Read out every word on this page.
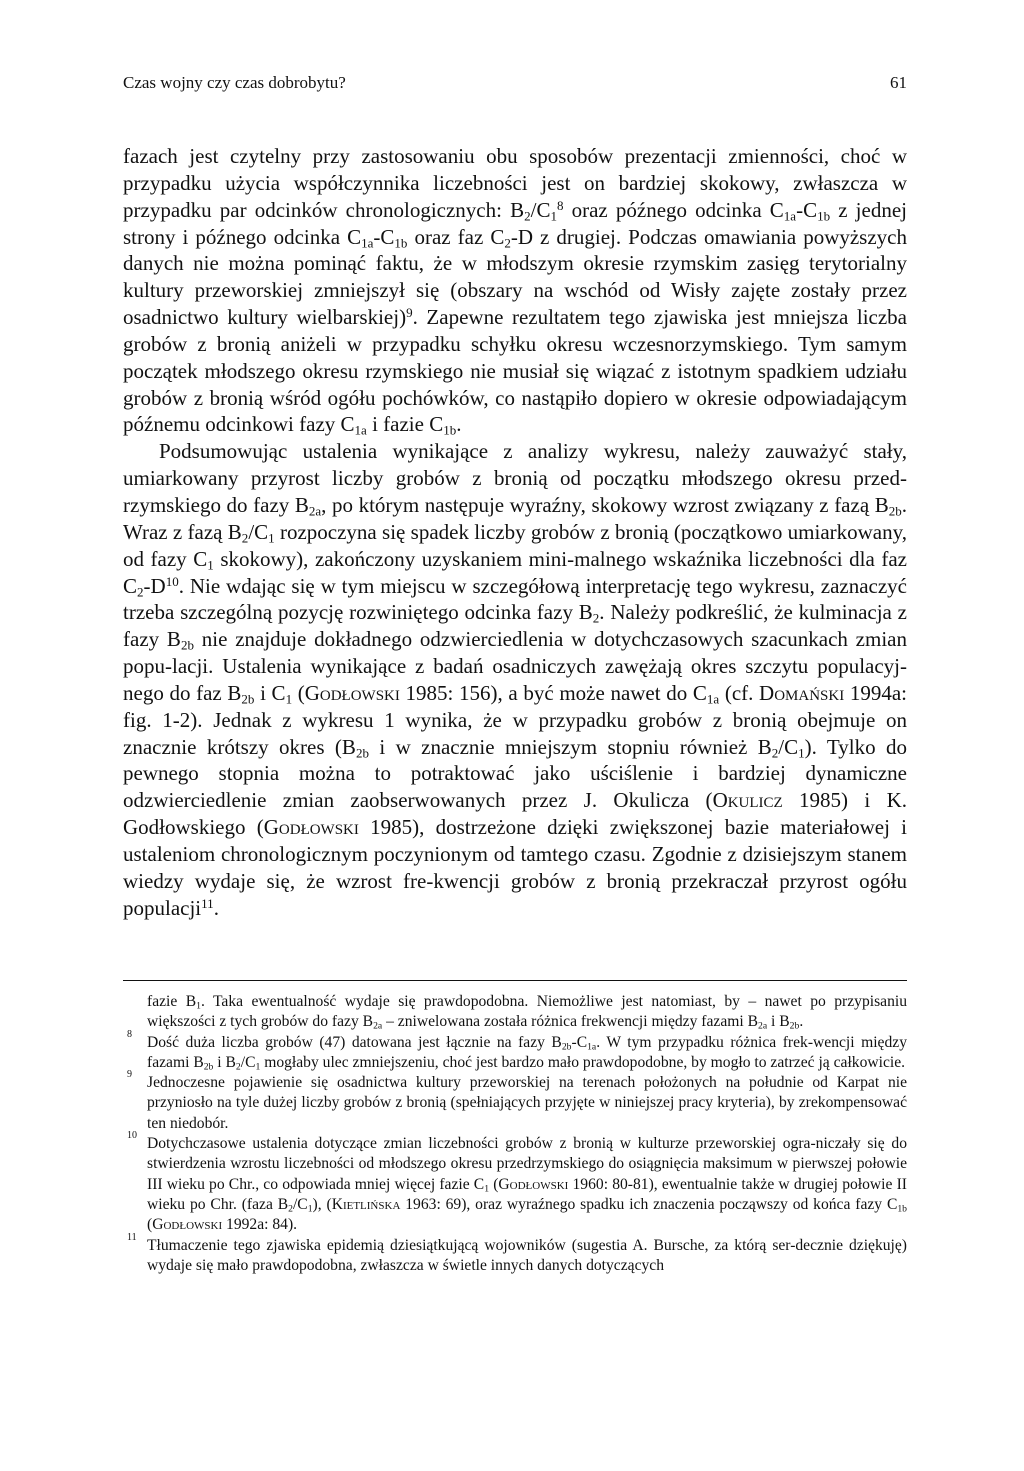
Czas wojny czy czas dobrobytu?	61

fazach jest czytelny przy zastosowaniu obu sposobów prezentacji zmienności, choć w przypadku użycia współczynnika liczebności jest on bardziej skokowy, zwłaszcza w przypadku par odcinków chronologicznych: $B_2/C_1^8$ oraz późnego odcinka $C_{1a}-C_{1b}$ z jednej strony i późnego odcinka $C_{1a}-C_{1b}$ oraz faz $C_2-D$ z drugiej. Podczas omawiania powyższych danych nie można pominąć faktu, że w młodszym okresie rzymskim zasięg terytorialny kultury przeworskiej zmniejszył się (obszary na wschód od Wisły zajęte zostały przez osadnictwo kultury wielbarskiej)$^9$. Zapewne rezultatem tego zjawiska jest mniejsza liczba grobów z bronią aniżeli w przypadku schyłku okresu wczesnorzymskiego. Tym samym początek młodszego okresu rzymskiego nie musiał się wiązać z istotnym spadkiem udziału grobów z bronią wśród ogółu pochówków, co nastąpiło dopiero w okresie odpowiadającym późnemu odcinkowi fazy $C_{1a}$ i fazie $C_{1b}$.

Podsumowując ustalenia wynikające z analizy wykresu, należy zauważyć stały, umiarkowany przyrost liczby grobów z bronią od początku młodszego okresu przed-rzymskiego do fazy $B_{2a}$, po którym następuje wyraźny, skokowy wzrost związany z fazą $B_{2b}$. Wraz z fazą $B_2/C_1$ rozpoczyna się spadek liczby grobów z bronią (początkowo umiarkowany, od fazy $C_1$ skokowy), zakończony uzyskaniem mini-malnego wskaźnika liczebności dla faz $C_2-D^{10}$. Nie wdając się w tym miejscu w szczegółową interpretację tego wykresu, zaznaczyć trzeba szczególną pozycję rozwiniętego odcinka fazy $B_2$. Należy podkreślić, że kulminacja z fazy $B_{2b}$ nie znajduje dokładnego odzwierciedlenia w dotychczasowych szacunkach zmian popu-lacji. Ustalenia wynikające z badań osadniczych zawężają okres szczytu populacyj-nego do faz $B_{2b}$ i $C_1$ (Godłowski 1985: 156), a być może nawet do $C_{1a}$ (cf. Domański 1994a: fig. 1-2). Jednak z wykresu 1 wynika, że w przypadku grobów z bronią obejmuje on znacznie krótszy okres ($B_{2b}$ i w znacznie mniejszym stopniu również $B_2/C_1$). Tylko do pewnego stopnia można to potraktować jako uściślenie i bardziej dynamiczne odzwierciedlenie zmian zaobserwowanych przez J. Okulicza (Okulicz 1985) i K. Godłowskiego (Godłowski 1985), dostrzeżone dzięki zwiększonej bazie materiałowej i ustaleniom chronologicznym poczynionym od tamtego czasu. Zgodnie z dzisiejszym stanem wiedzy wydaje się, że wzrost fre-kwencji grobów z bronią przekraczał przyrost ogółu populacji$^{11}$.

fazie $B_1$. Taka ewentualność wydaje się prawdopodobna. Niemożliwe jest natomiast, by – nawet po przypisaniu większości z tych grobów do fazy $B_{2a}$ – zniwelowana została różnica frekwencji między fazami $B_{2a}$ i $B_{2b}$.

8 Dość duża liczba grobów (47) datowana jest łącznie na fazy $B_{2b}-C_{1a}$. W tym przypadku różnica frek-wencji między fazami $B_{2b}$ i $B_2/C_1$ mogłaby ulec zmniejszeniu, choć jest bardzo mało prawdopodobne, by mogło to zatrzeć ją całkowicie.

9 Jednoczesne pojawienie się osadnictwa kultury przeworskiej na terenach położonych na południe od Karpat nie przyniosło na tyle dużej liczby grobów z bronią (spełniających przyjęte w niniejszej pracy kryteria), by zrekompensować ten niedobór.

10 Dotychczasowe ustalenia dotyczące zmian liczebności grobów z bronią w kulturze przeworskiej ogra-niczały się do stwierdzenia wzrostu liczebności od młodszego okresu przedrzymskiego do osiągnięcia maksimum w pierwszej połowie III wieku po Chr., co odpowiada mniej więcej fazie $C_1$ (Godłowski 1960: 80-81), ewentualnie także w drugiej połowie II wieku po Chr. (faza $B_2/C_1$), (Kietlińska 1963: 69), oraz wyraźnego spadku ich znaczenia począwszy od końca fazy $C_{1b}$ (Godłowski 1992a: 84).

11 Tłumaczenie tego zjawiska epidemią dziesiątkującą wojowników (sugestia A. Bursche, za którą ser-decznie dziękuję) wydaje się mało prawdopodobna, zwłaszcza w świetle innych danych dotyczących
